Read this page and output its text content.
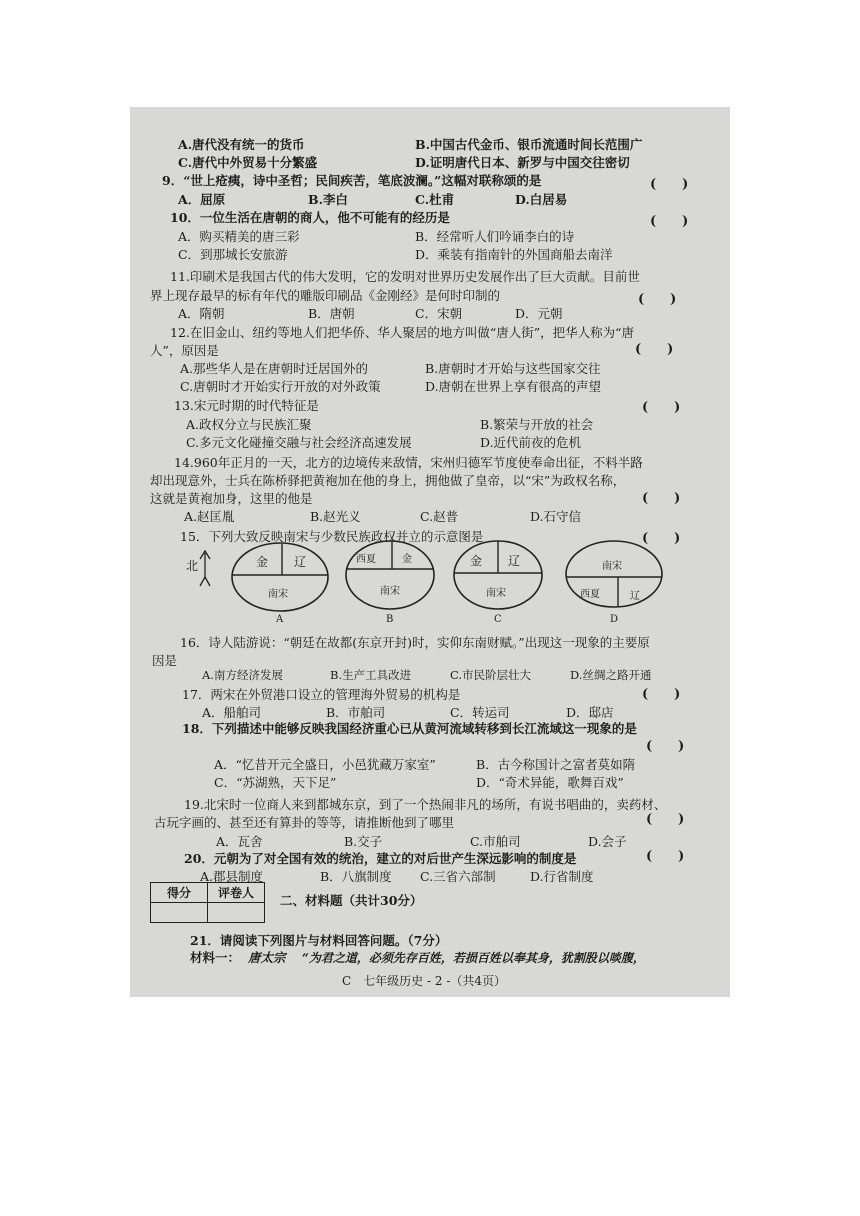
A.唐代没有统一的货币	B.中国古代金币、银币流通时间长范围广
C.唐代中外贸易十分繁盛	D.证明唐代日本、新罗与中国交往密切
9．“世上疮痍，诗中圣哲；民间疾苦，笔底波澜。”这幅对联称颂的是	(　　)
A．屈原	B.李白	C.杜甫	D.白居易
10．一位生活在唐朝的商人，他不可能有的经历是	(　　)
A．购买精美的唐三彩	B．经常听人们吟诵李白的诗
C．到那城长安旅游	D．乘装有指南针的外国商船去南洋
11.印刷术是我国古代的伟大发明，它的发明对世界历史发展作出了巨大贡献。目前世
界上现存最早的标有年代的雕版印刷品《金刚经》是何时印制的	(　　)
A．隋朝	B．唐朝	C．宋朝	D．元朝
12.在旧金山、纽约等地人们把华侨、华人聚居的地方叫做“唐人街”，把华人称为“唐
人”，原因是	(　　)
A.那些华人是在唐朝时迁居国外的	B.唐朝时才开始与这些国家交往
C.唐朝时才开始实行开放的对外政策	D.唐朝在世界上享有很高的声望
13.宋元时期的时代特征是	(　　)
A.政权分立与民族汇聚	B.繁荣与开放的社会
C.多元文化碰撞交融与社会经济高速发展	D.近代前夜的危机
14.960年正月的一天，北方的边境传来敌情，宋州归德军节度使奉命出征，不料半路
却出现意外，士兵在陈桥驿把黄袍加在他的身上，拥他做了皇帝，以“宋”为政权名称，
这就是黄袍加身，这里的他是	(　　)
A.赵匡胤	B.赵光义	C.赵普	D.石守信
15．下列大致反映南宋与少数民族政权并立的示意图是	(　　)
北	金 辽
南宋
A
西夏	金
南宋
B
金 辽
南宋
C
南宋
西夏	辽
D
16．诗人陆游说：“朝廷在故都(东京开封)时，实仰东南财赋。”出现这一现象的主要原
因是
A.南方经济发展	B.生产工具改进	C.市民阶层壮大	D.丝绸之路开通
17．两宋在外贸港口设立的管理海外贸易的机构是	(　　)
A．船舶司	B．市舶司	C．转运司	D．邸店
18．下列描述中能够反映我国经济重心已从黄河流域转移到长江流域这一现象的是
(　　)
A．“忆昔开元全盛日，小邑犹藏万家室”	B．古今称国计之富者莫如隋
C．“苏湖熟，天下足”	D．“奇术异能，歌舞百戏”
19.北宋时一位商人来到都城东京，到了一个热闹非凡的场所，有说书唱曲的，卖药材、
古玩字画的、甚至还有算卦的等等，请推断他到了哪里	(　　)
A．瓦舍	B.交子	C.市舶司	D.会子
20．元朝为了对全国有效的统治，建立的对后世产生深远影响的制度是	(　　)
A.郡县制度	B．八旗制度 C.三省六部制	D.行省制度
得分	评卷人
	二、材料题（共计30分）
21．请阅读下列图片与材料回答问题。（7分）
材料一： 唐太宗 “为君之道，必须先存百姓，若损百姓以奉其身，犹割股以啖腹，
C　七年级历史 - 2 -（共4页）
